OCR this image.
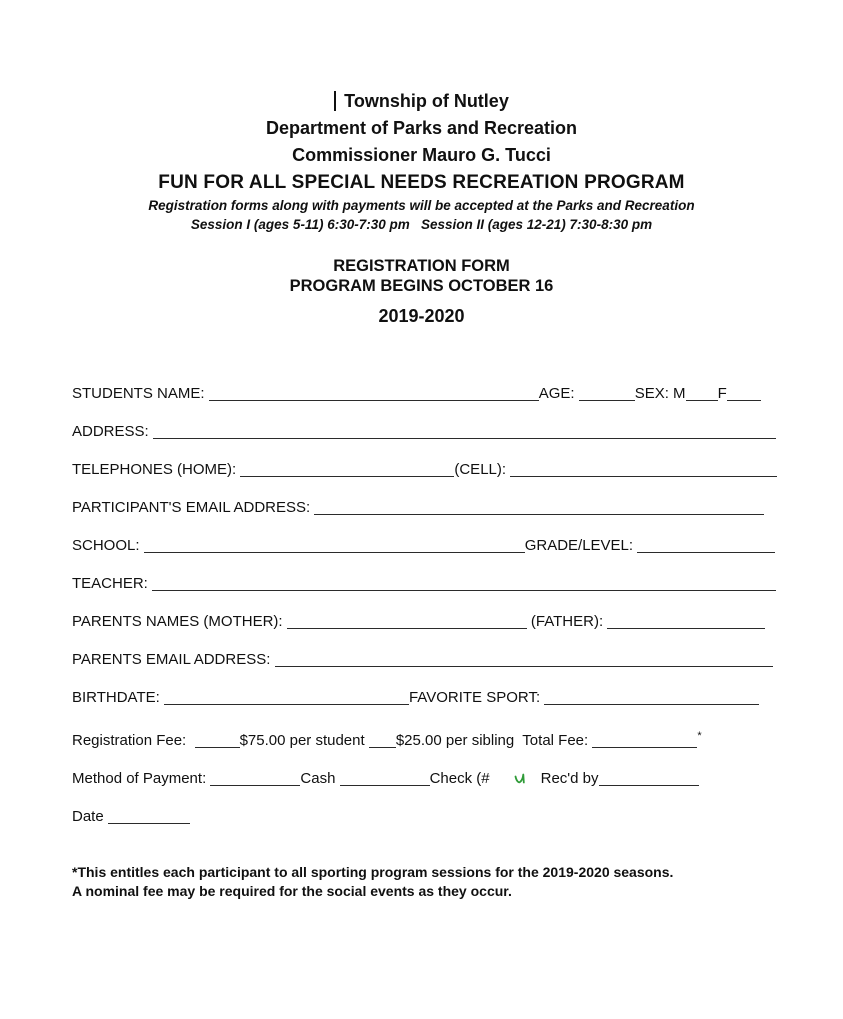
Township of Nutley
Department of Parks and Recreation
Commissioner Mauro G. Tucci
FUN FOR ALL SPECIAL NEEDS RECREATION PROGRAM
Registration forms along with payments will be accepted at the Parks and Recreation
Session I (ages 5-11) 6:30-7:30 pm   Session II (ages 12-21) 7:30-8:30 pm
REGISTRATION FORM
PROGRAM BEGINS OCTOBER 16
2019-2020
STUDENTS NAME:	AGE:	SEX: M F
ADDRESS:
TELEPHONES (HOME):	(CELL):
PARTICIPANT'S EMAIL ADDRESS:
SCHOOL:	GRADE/LEVEL:
TEACHER:
PARENTS NAMES (MOTHER):	(FATHER):
PARENTS EMAIL ADDRESS:
BIRTHDATE:	FAVORITE SPORT:
Registration Fee:	$75.00 per student $25.00 per sibling  Total Fee:	*
Method of Payment:	Cash	Check (#	Rec'd by
Date
*This entitles each participant to all sporting program sessions for the 2019-2020 seasons.
A nominal fee may be required for the social events as they occur.
